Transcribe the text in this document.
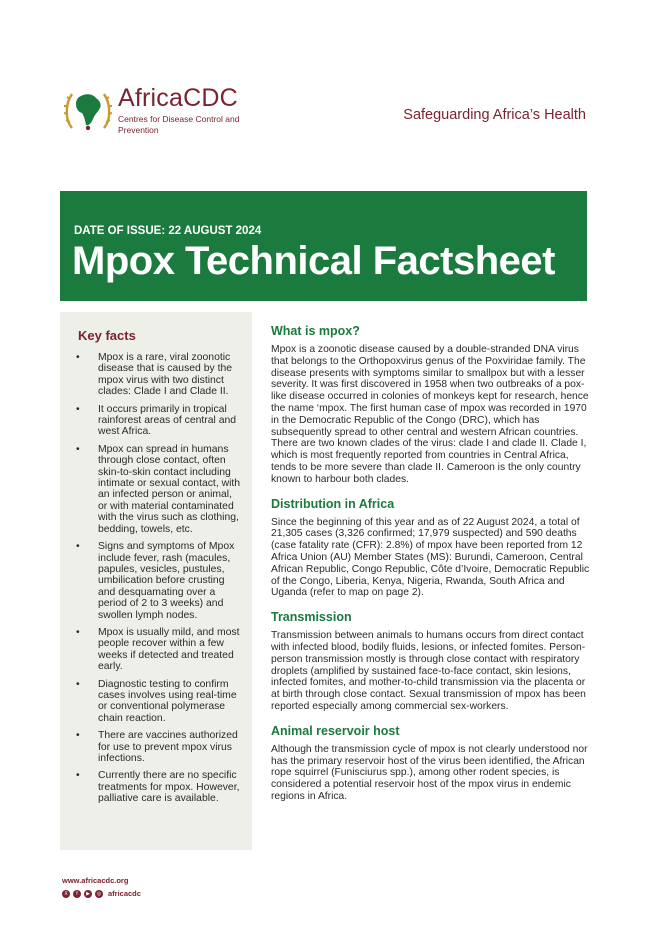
AfricaCDC
Centres for Disease Control and Prevention
Safeguarding Africa’s Health
DATE OF ISSUE: 22 AUGUST 2024
Mpox Technical Factsheet
Key facts
• Mpox is a rare, viral zoonotic disease that is caused by the mpox virus with two distinct clades: Clade I and Clade II.
• It occurs primarily in tropical rainforest areas of central and west Africa.
• Mpox can spread in humans through close contact, often skin-to-skin contact including intimate or sexual contact, with an infected person or animal, or with material contaminated with the virus such as clothing, bedding, towels, etc.
• Signs and symptoms of Mpox include fever, rash (macules, papules, vesicles, pustules, umbilication before crusting and desquamating over a period of 2 to 3 weeks) and swollen lymph nodes.
• Mpox is usually mild, and most people recover within a few weeks if detected and treated early.
• Diagnostic testing to confirm cases involves using real-time or conventional polymerase chain reaction.
• There are vaccines authorized for use to prevent mpox virus infections.
• Currently there are no specific treatments for mpox. However, palliative care is available.
What is mpox?

Mpox is a zoonotic disease caused by a double-stranded DNA virus that belongs to the Orthopoxvirus genus of the Poxviridae family. The disease presents with symptoms similar to smallpox but with a lesser severity. It was first discovered in 1958 when two outbreaks of a pox-like disease occurred in colonies of monkeys kept for research, hence the name ‘mpox. The first human case of mpox was recorded in 1970 in the Democratic Republic of the Congo (DRC), which has subsequently spread to other central and western African countries. There are two known clades of the virus: clade I and clade II. Clade I, which is most frequently reported from countries in Central Africa, tends to be more severe than clade II. Cameroon is the only country known to harbour both clades.

Distribution in Africa

Since the beginning of this year and as of 22 August 2024, a total of 21,305 cases (3,326 confirmed; 17,979 suspected) and 590 deaths (case fatality rate (CFR): 2.8%) of mpox have been reported from 12 Africa Union (AU) Member States (MS): Burundi, Cameroon, Central African Republic, Congo Republic, Côte d’Ivoire, Democratic Republic of the Congo, Liberia, Kenya, Nigeria, Rwanda, South Africa and Uganda (refer to map on page 2).

Transmission

Transmission between animals to humans occurs from direct contact with infected blood, bodily fluids, lesions, or infected fomites. Person-person transmission mostly is through close contact with respiratory droplets (amplified by sustained face-to-face contact, skin lesions, infected fomites, and mother-to-child transmission via the placenta or at birth through close contact. Sexual transmission of mpox has been reported especially among commercial sex-workers.

Animal reservoir host

Although the transmission cycle of mpox is not clearly understood nor has the primary reservoir host of the virus been identified, the African rope squirrel (Funisciurus spp.), among other rodent species, is considered a potential reservoir host of the mpox virus in endemic regions in Africa.

www.africacdc.org
X	f	▶	◎ africacdc
